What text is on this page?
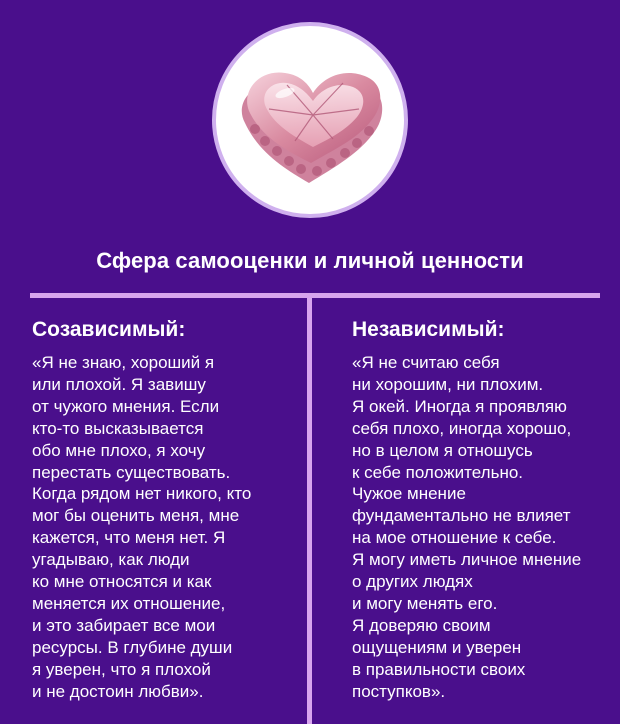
Сфера самооценки и личной ценности
Созависимый:
«Я не знаю, хороший я
или плохой. Я завишу
от чужого мнения. Если
кто-то высказывается
обо мне плохо, я хочу
перестать существовать.
Когда рядом нет никого, кто
мог бы оценить меня, мне
кажется, что меня нет. Я
угадываю, как люди
ко мне относятся и как
меняется их отношение,
и это забирает все мои
ресурсы. В глубине души
я уверен, что я плохой
и не достоин любви».
Независимый:
«Я не считаю себя
ни хорошим, ни плохим.
Я окей. Иногда я проявляю
себя плохо, иногда хорошо,
но в целом я отношусь
к себе положительно.
Чужое мнение
фундаментально не влияет
на мое отношение к себе.
Я могу иметь личное мнение
о других людях
и могу менять его.
Я доверяю своим
ощущениям и уверен
в правильности своих
поступков».
